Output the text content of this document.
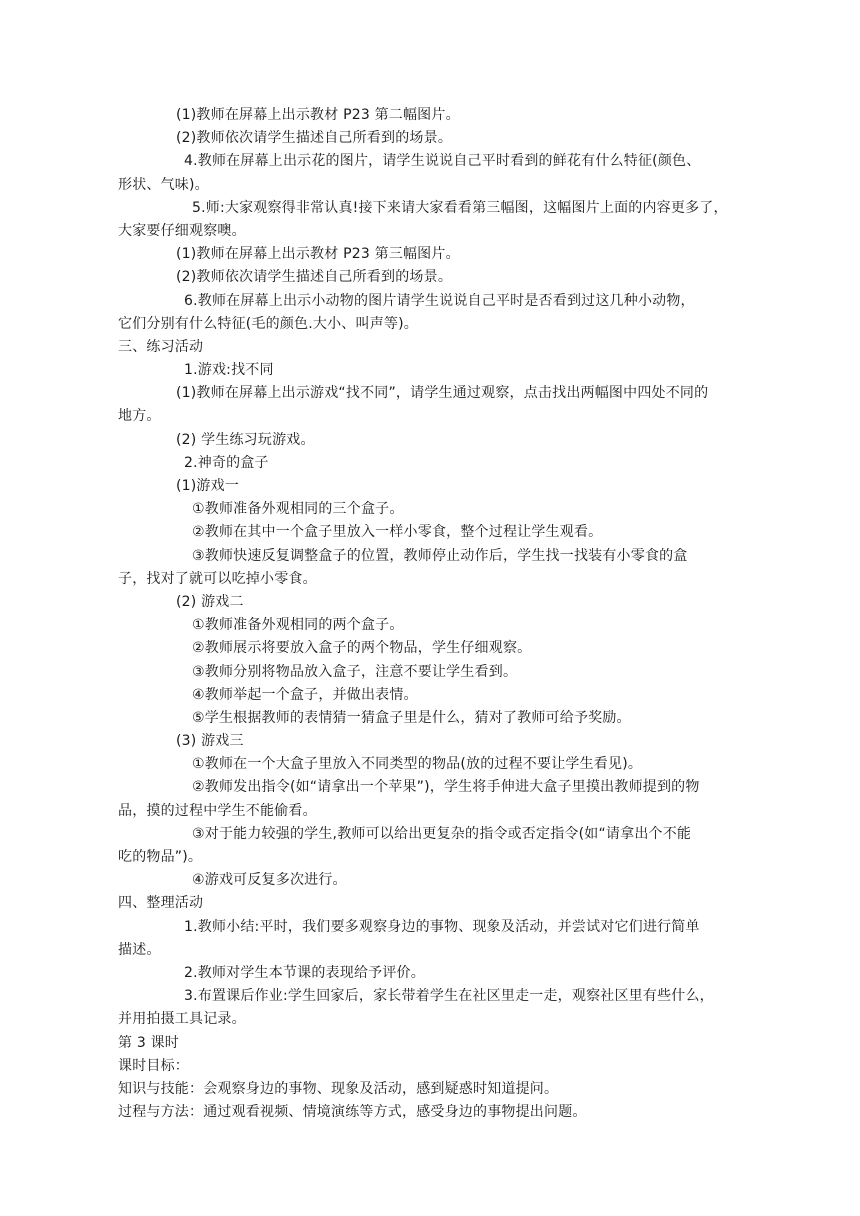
(1)教师在屏幕上出示教材 P23 第二幅图片。
(2)教师依次请学生描述自己所看到的场景。
4.教师在屏幕上出示花的图片，请学生说说自己平时看到的鲜花有什么特征(颜色、
形状、气味)。
5.师:大家观察得非常认真!接下来请大家看看第三幅图，这幅图片上面的内容更多了，
大家要仔细观察噢。
(1)教师在屏幕上出示教材 P23 第三幅图片。
(2)教师依次请学生描述自己所看到的场景。
6.教师在屏幕上出示小动物的图片请学生说说自己平时是否看到过这几种小动物，
它们分别有什么特征(毛的颜色.大小、叫声等)。
三、练习活动
1.游戏:找不同
(1)教师在屏幕上出示游戏“找不同”，请学生通过观察，点击找出两幅图中四处不同的
地方。
(2) 学生练习玩游戏。
2.神奇的盒子
(1)游戏一
①教师准备外观相同的三个盒子。
②教师在其中一个盒子里放入一样小零食，整个过程让学生观看。
③教师快速反复调整盒子的位置，教师停止动作后，学生找一找装有小零食的盒
子，找对了就可以吃掉小零食。
(2) 游戏二
①教师准备外观相同的两个盒子。
②教师展示将要放入盒子的两个物品，学生仔细观察。
③教师分别将物品放入盒子，注意不要让学生看到。
④教师举起一个盒子，并做出表情。
⑤学生根据教师的表情猜一猜盒子里是什么，猜对了教师可给予奖励。
(3) 游戏三
①教师在一个大盒子里放入不同类型的物品(放的过程不要让学生看见)。
②教师发出指令(如“请拿出一个苹果”)，学生将手伸进大盒子里摸出教师提到的物
品，摸的过程中学生不能偷看。
③对于能力较强的学生,教师可以给出更复杂的指令或否定指令(如“请拿出个不能
吃的物品”)。
④游戏可反复多次进行。
四、整理活动
1.教师小结:平时，我们要多观察身边的事物、现象及活动，并尝试对它们进行简单
描述。
2.教师对学生本节课的表现给予评价。
3.布置课后作业:学生回家后，家长带着学生在社区里走一走，观察社区里有些什么，
并用拍摄工具记录。
第 3 课时
课时目标：
知识与技能：会观察身边的事物、现象及活动，感到疑惑时知道提问。
过程与方法：通过观看视频、情境演练等方式，感受身边的事物提出问题。
